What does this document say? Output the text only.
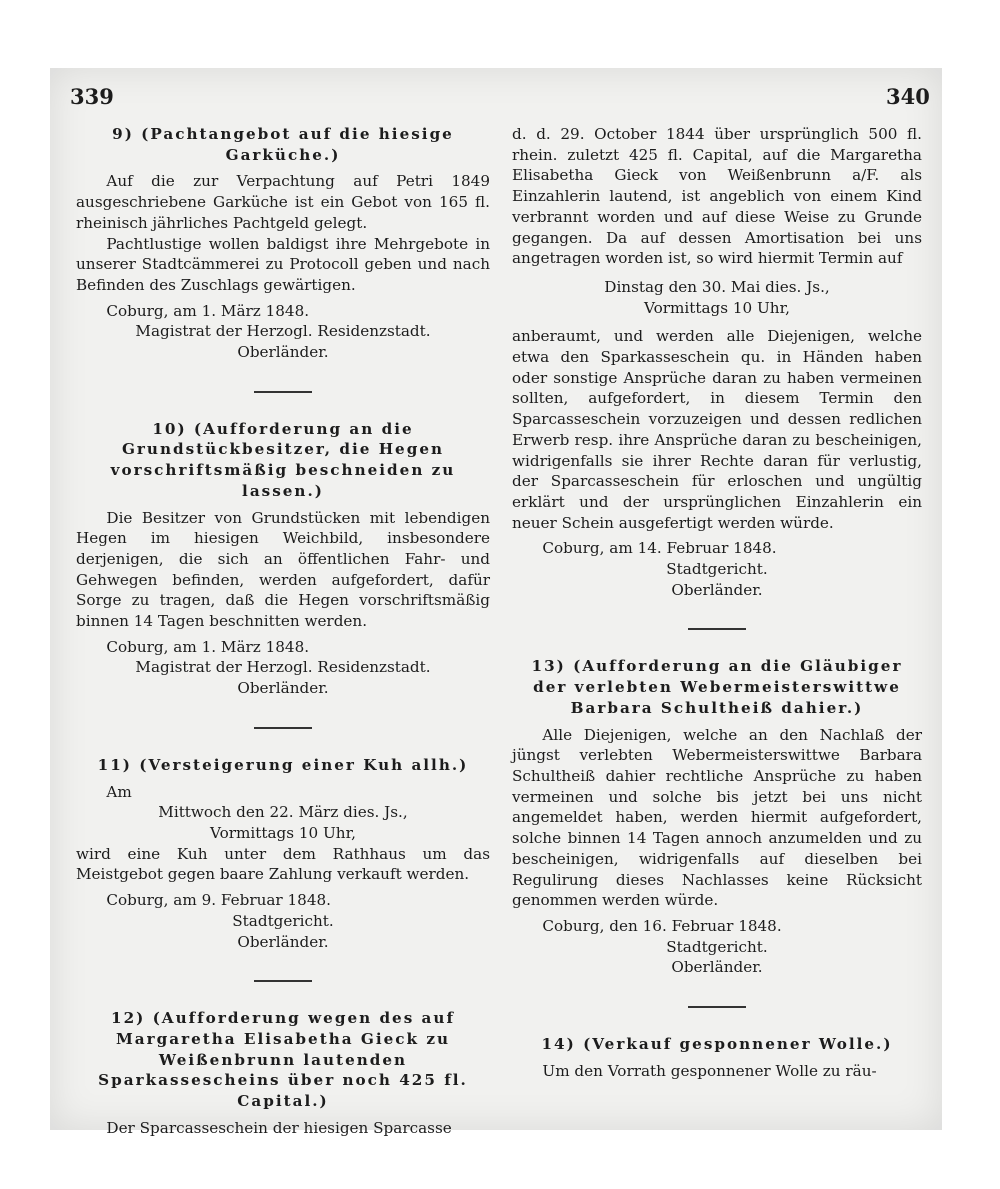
339	340

9) (Pachtangebot auf die hiesige Garküche.)

Auf die zur Verpachtung auf Petri 1849 ausgeschriebene Garküche ist ein Gebot von 165 fl. rheinisch jährliches Pachtgeld gelegt.

Pachtlustige wollen baldigst ihre Mehrgebote in unserer Stadtcämmerei zu Protocoll geben und nach Befinden des Zuschlags gewärtigen.

Coburg, am 1. März 1848.

Magistrat der Herzogl. Residenzstadt.

Oberländer.

10) (Aufforderung an die Grundstückbesitzer, die Hegen vorschriftsmäßig beschneiden zu lassen.)

Die Besitzer von Grundstücken mit lebendigen Hegen im hiesigen Weichbild, insbesondere derjenigen, die sich an öffentlichen Fahr- und Gehwegen befinden, werden aufgefordert, dafür Sorge zu tragen, daß die Hegen vorschriftsmäßig binnen 14 Tagen beschnitten werden.

Coburg, am 1. März 1848.

Magistrat der Herzogl. Residenzstadt.

Oberländer.

11) (Versteigerung einer Kuh allh.)

Am

Mittwoch den 22. März dies. Js.,

Vormittags 10 Uhr,

wird eine Kuh unter dem Rathhaus um das Meistgebot gegen baare Zahlung verkauft werden.

Coburg, am 9. Februar 1848.

Stadtgericht.

Oberländer.

12) (Aufforderung wegen des auf Margaretha Elisabetha Gieck zu Weißenbrunn lautenden Sparkassescheins über noch 425 fl. Capital.)

Der Sparcasseschein der hiesigen Sparcasse

d. d. 29. October 1844 über ursprünglich 500 fl. rhein. zuletzt 425 fl. Capital, auf die Margaretha Elisabetha Gieck von Weißenbrunn a/F. als Einzahlerin lautend, ist angeblich von einem Kind verbrannt worden und auf diese Weise zu Grunde gegangen. Da auf dessen Amortisation bei uns angetragen worden ist, so wird hiermit Termin auf

Dinstag den 30. Mai dies. Js.,

Vormittags 10 Uhr,

anberaumt, und werden alle Diejenigen, welche etwa den Sparkasseschein qu. in Händen haben oder sonstige Ansprüche daran zu haben vermeinen sollten, aufgefordert, in diesem Termin den Sparcasseschein vorzuzeigen und dessen redlichen Erwerb resp. ihre Ansprüche daran zu bescheinigen, widrigenfalls sie ihrer Rechte daran für verlustig, der Sparcasseschein für erloschen und ungültig erklärt und der ursprünglichen Einzahlerin ein neuer Schein ausgefertigt werden würde.

Coburg, am 14. Februar 1848.

Stadtgericht.

Oberländer.

13) (Aufforderung an die Gläubiger der verlebten Webermeisterswittwe Barbara Schultheiß dahier.)

Alle Diejenigen, welche an den Nachlaß der jüngst verlebten Webermeisterswittwe Barbara Schultheiß dahier rechtliche Ansprüche zu haben vermeinen und solche bis jetzt bei uns nicht angemeldet haben, werden hiermit aufgefordert, solche binnen 14 Tagen annoch anzumelden und zu bescheinigen, widrigenfalls auf dieselben bei Regulirung dieses Nachlasses keine Rücksicht genommen werden würde.

Coburg, den 16. Februar 1848.

Stadtgericht.

Oberländer.

14) (Verkauf gesponnener Wolle.)

Um den Vorrath gesponnener Wolle zu räu-
